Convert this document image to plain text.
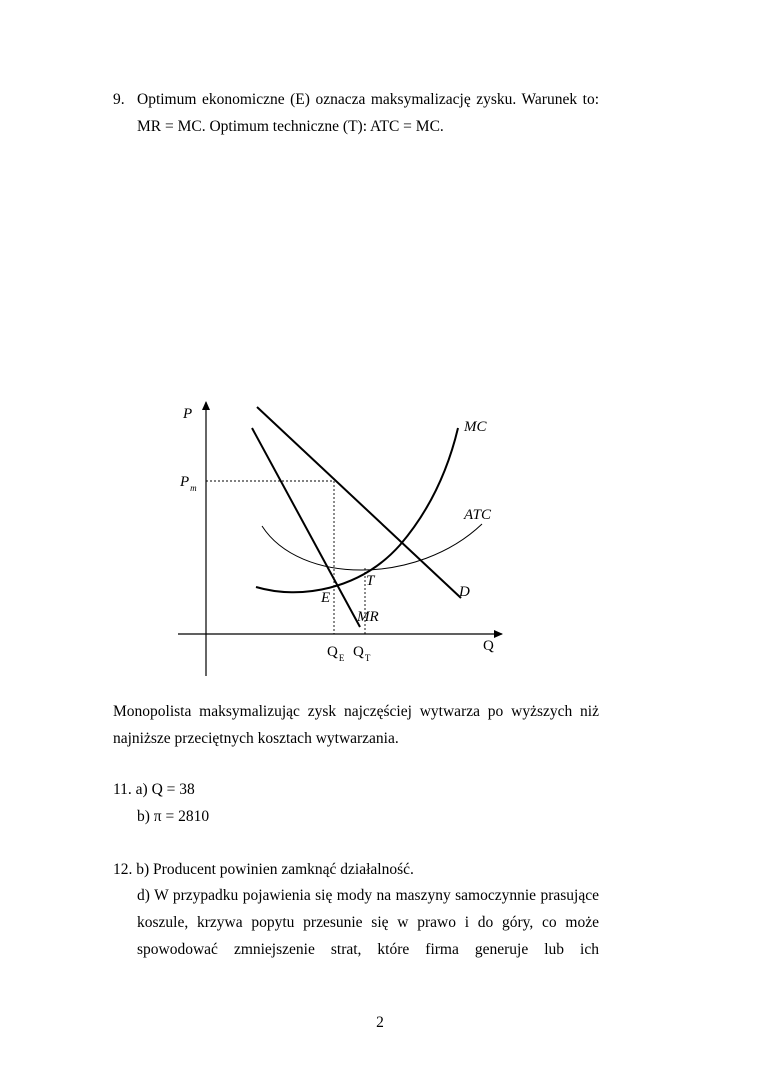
9. Optimum ekonomiczne (E) oznacza maksymalizację zysku. Warunek to:
MR = MC. Optimum techniczne (T): ATC = MC.
P
Q
$P_m$
MC
ATC
D
MR
E
T
$Q_E$ $Q_T$
Monopolista maksymalizując zysk najczęściej wytwarza po wyższych niż
najniższe przeciętnych kosztach wytwarzania.
11. a) Q = 38
b) π = 2810
12. b) Producent powinien zamknąć działalność.
d) W przypadku pojawienia się mody na maszyny samoczynnie prasujące
koszule, krzywa popytu przesunie się w prawo i do góry, co może
spowodować zmniejszenie strat, które firma generuje lub ich
2
